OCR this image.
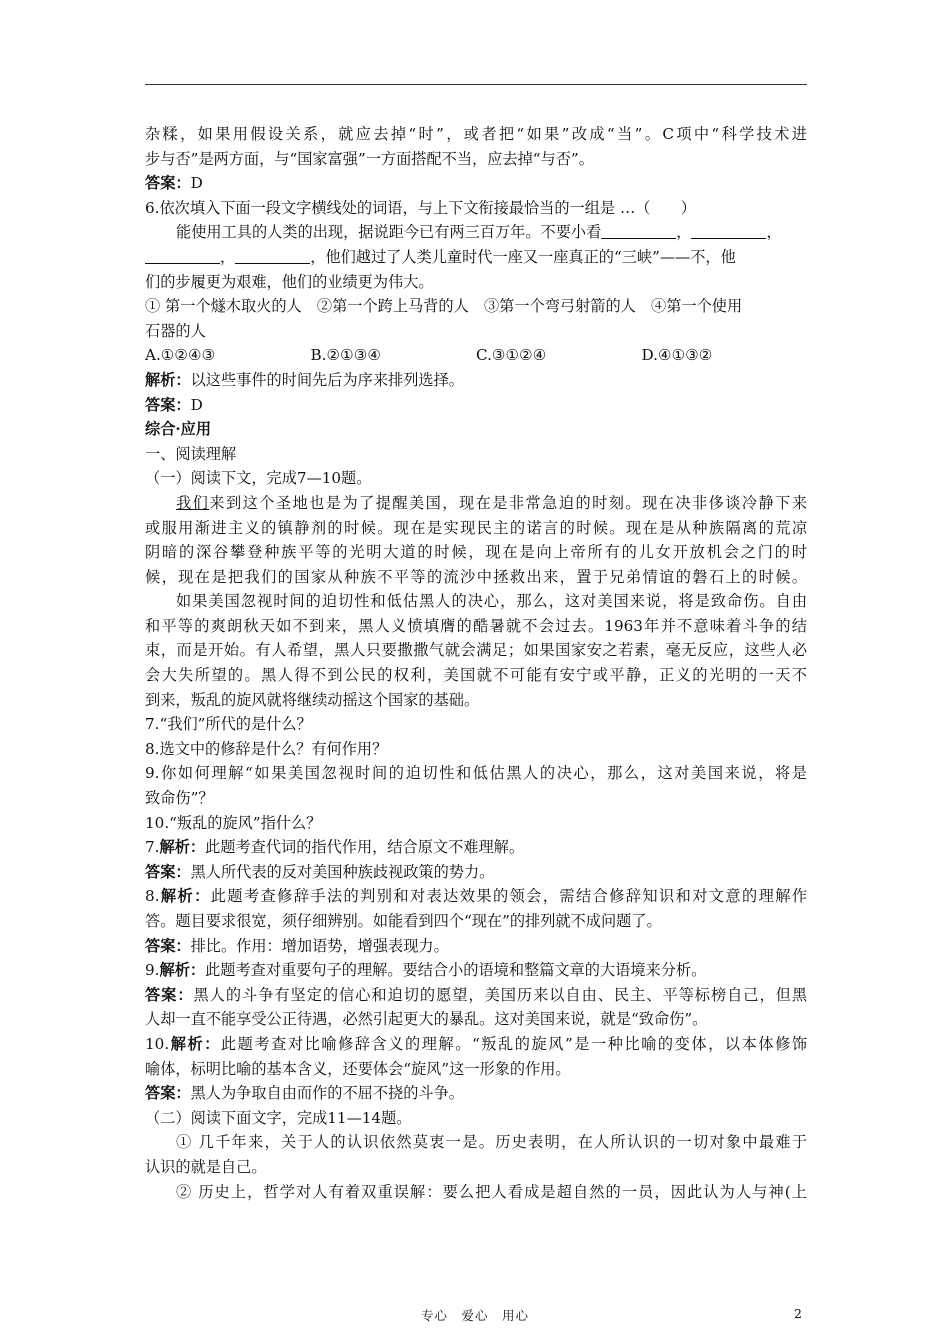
杂糅，如果用假设关系，就应去掉“时”，或者把“如果”改成“当”。C项中“科学技术进
步与否”是两方面，与“国家富强”一方面搭配不当，应去掉“与否”。
答案：D
6.依次填入下面一段文字横线处的词语，与上下文衔接最恰当的一组是 …（　　）
能使用工具的人类的出现，据说距今已有两三百万年。不要小看	，	，
，	，他们越过了人类儿童时代一座又一座真正的“三峡”——不，他
们的步履更为艰难，他们的业绩更为伟大。
① 第一个燧木取火的人　②第一个跨上马背的人　③第一个弯弓射箭的人　④第一个使用
石器的人
A.①②④③	B.②①③④	C.③①②④	D.④①③②
解析：以这些事件的时间先后为序来排列选择。
答案：D
综合·应用
一、阅读理解
（一）阅读下文，完成7—10题。
我们来到这个圣地也是为了提醒美国，现在是非常急迫的时刻。现在决非侈谈冷静下来
或服用渐进主义的镇静剂的时候。现在是实现民主的诺言的时候。现在是从种族隔离的荒凉
阴暗的深谷攀登种族平等的光明大道的时候，现在是向上帝所有的儿女开放机会之门的时
候，现在是把我们的国家从种族不平等的流沙中拯救出来，置于兄弟情谊的磐石上的时候。
如果美国忽视时间的迫切性和低估黑人的决心，那么，这对美国来说，将是致命伤。自由
和平等的爽朗秋天如不到来，黑人义愤填膺的酷暑就不会过去。1963年并不意味着斗争的结
束，而是开始。有人希望，黑人只要撒撒气就会满足；如果国家安之若素，毫无反应，这些人必
会大失所望的。黑人得不到公民的权利，美国就不可能有安宁或平静，正义的光明的一天不
到来，叛乱的旋风就将继续动摇这个国家的基础。
7.“我们”所代的是什么？
8.选文中的修辞是什么？有何作用？
9.你如何理解“如果美国忽视时间的迫切性和低估黑人的决心，那么，这对美国来说，将是
致命伤”？
10.“叛乱的旋风”指什么？
7.解析：此题考查代词的指代作用，结合原文不难理解。
答案：黑人所代表的反对美国种族歧视政策的势力。
8.解析：此题考查修辞手法的判别和对表达效果的领会，需结合修辞知识和对文意的理解作
答。题目要求很宽，须仔细辨别。如能看到四个“现在”的排列就不成问题了。
答案：排比。作用：增加语势，增强表现力。
9.解析：此题考查对重要句子的理解。要结合小的语境和整篇文章的大语境来分析。
答案：黑人的斗争有坚定的信心和迫切的愿望，美国历来以自由、民主、平等标榜自己，但黑
人却一直不能享受公正待遇，必然引起更大的暴乱。这对美国来说，就是“致命伤”。
10.解析：此题考查对比喻修辞含义的理解。“叛乱的旋风”是一种比喻的变体，以本体修饰
喻体，标明比喻的基本含义，还要体会“旋风”这一形象的作用。
答案：黑人为争取自由而作的不屈不挠的斗争。
（二）阅读下面文字，完成11—14题。
① 几千年来，关于人的认识依然莫衷一是。历史表明，在人所认识的一切对象中最难于
认识的就是自己。
② 历史上，哲学对人有着双重误解：要么把人看成是超自然的一员，因此认为人与神(上
专心　爱心　用心	2
